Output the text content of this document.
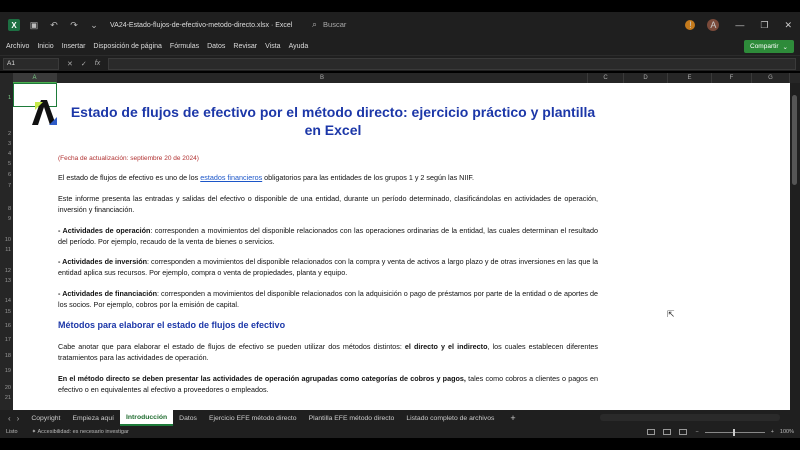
X	▣ ↶ ↷ ⌄	VA24-Estado-flujos-de-efectivo-metodo-directo.xlsx · Excel ⌕ Buscar	!	A	— ❐ ✕
Archivo Inicio Insertar Disposición de página Fórmulas Datos Revisar Vista Ayuda	Compartir ⌄
A1	✕ ✓ fx
A	B	C	D	E	F	G
1
2
3
4
5
6
7
8
9
10
11
12
13
14
15
16
17
18
19
20
21
Estado de flujos de efectivo por el método directo: ejercicio práctico y plantilla en Excel
(Fecha de actualización: septiembre 20 de 2024)
El estado de flujos de efectivo es uno de los estados financieros obligatorios para las entidades de los grupos 1 y 2 según las NIIF.
Este informe presenta las entradas y salidas del efectivo o disponible de una entidad, durante un período determinado, clasificándolas en actividades de operación, inversión y financiación.
- Actividades de operación: corresponden a movimientos del disponible relacionados con las operaciones ordinarias de la entidad, las cuales determinan el resultado del período. Por ejemplo, recaudo de la venta de bienes o servicios.
- Actividades de inversión: corresponden a movimientos del disponible relacionados con la compra y venta de activos a largo plazo y de otras inversiones en las que la entidad aplica sus recursos. Por ejemplo, compra o venta de propiedades, planta y equipo.
- Actividades de financiación: corresponden a movimientos del disponible relacionados con la adquisición o pago de préstamos por parte de la entidad o de aportes de los socios. Por ejemplo, cobros por la emisión de capital.
Métodos para elaborar el estado de flujos de efectivo
Cabe anotar que para elaborar el estado de flujos de efectivo se pueden utilizar dos métodos distintos: el directo y el indirecto, los cuales establecen diferentes tratamientos para las actividades de operación.
En el método directo se deben presentar las actividades de operación agrupadas como categorías de cobros y pagos, tales como cobros a clientes o pagos en efectivo o en equivalentes al efectivo a proveedores o empleados.
⇱
‹ ›	Copyright	Empieza aquí	Introducción	Datos	Ejercicio EFE método directo	Plantilla EFE método directo	Listado completo de archivos	+
Listo	✦ Accesibilidad: es necesario investigar	−	+ 100%
